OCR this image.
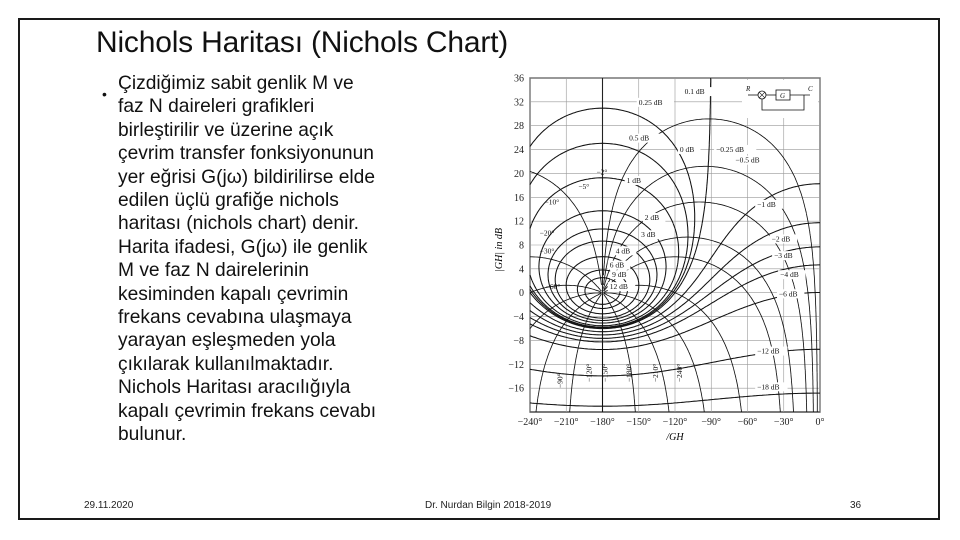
Nichols Haritası (Nichols Chart)
• Çizdiğimiz sabit genlik M ve
faz N daireleri grafikleri
birleştirilir ve üzerine açık
çevrim transfer fonksiyonunun
yer eğrisi G(jω) bildirilirse elde
edilen üçlü grafiğe nichols
haritası (nichols chart) denir.
Harita ifadesi, G(jω) ile genlik
M ve faz N dairelerinin
kesiminden kapalı çevrimin
frekans cevabına ulaşmaya
yarayan eşleşmeden yola
çıkılarak kullanılmaktadır.
Nichols Haritası aracılığıyla
kapalı çevrimin frekans cevabı
bulunur.
36
32
28
24
20
16
12
8
4
0
−4
−8
−12
−16
−240° −210° −180° −150° −120° −90° −60° −30° 0°
0.25 dB
0.1 dB
0.5 dB
0 dB	−0.25 dB
−0.5 dB
1 dB
−1 dB
2 dB
3 dB
4 dB
6 dB
9 dB
12 dB
−2 dB
−3 dB
−4 dB
−6 dB
−12 dB
−18 dB
−2°
−5°
−10°
−20°
−30°
−60°
−90°	−120° −150° −180° −210° −240°
R
G
C
|GH| in dB
/GH
29.11.2020	Dr. Nurdan Bilgin 2018-2019	36
